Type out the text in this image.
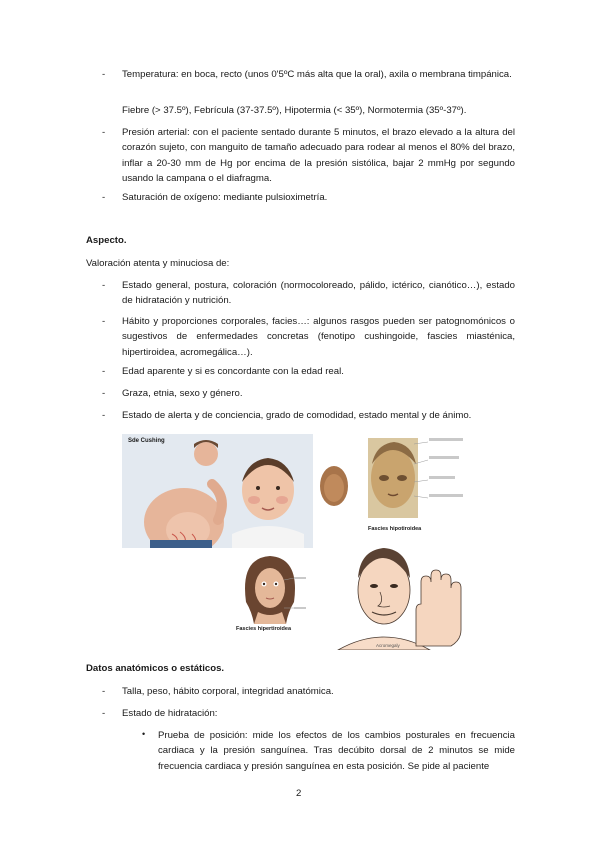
- Temperatura: en boca, recto (unos 0'5ºC más alta que la oral), axila o membrana timpánica.

Fiebre (> 37.5º), Febrícula (37-37.5º), Hipotermia (< 35º), Normotermia (35º-37º).

- Presión arterial: con el paciente sentado durante 5 minutos, el brazo elevado a la altura del corazón sujeto, con manguito de tamaño adecuado para rodear al menos el 80% del brazo, inflar a 20-30 mm de Hg por encima de la presión sistólica, bajar 2 mmHg por segundo usando la campana o el diafragma.

- Saturación de oxígeno: mediante pulsioximetría.

Aspecto.

Valoración atenta y minuciosa de:

- Estado general, postura, coloración (normocoloreado, pálido, ictérico, cianótico…), estado de hidratación y nutrición.

- Hábito y proporciones corporales, facies…: algunos rasgos pueden ser patognomónicos o sugestivos de enfermedades concretas (fenotipo cushingoide, fascies miasténica, hipertiroidea, acromegálica…).

- Edad aparente y si es concordante con la edad real.

- Graza, etnia, sexo y género.

- Estado de alerta y de conciencia, grado de comodidad, estado mental y de ánimo.

Sde Cushing
Fascies hipotiroidea
Fascies hipertiroidea
Acromegaly

Datos anatómicos o estáticos.

- Talla, peso, hábito corporal, integridad anatómica.

- Estado de hidratación:

• Prueba de posición: mide los efectos de los cambios posturales en frecuencia cardiaca y la presión sanguínea. Tras decúbito dorsal de 2 minutos se mide frecuencia cardiaca y presión sanguínea en esta posición. Se pide al paciente

2
